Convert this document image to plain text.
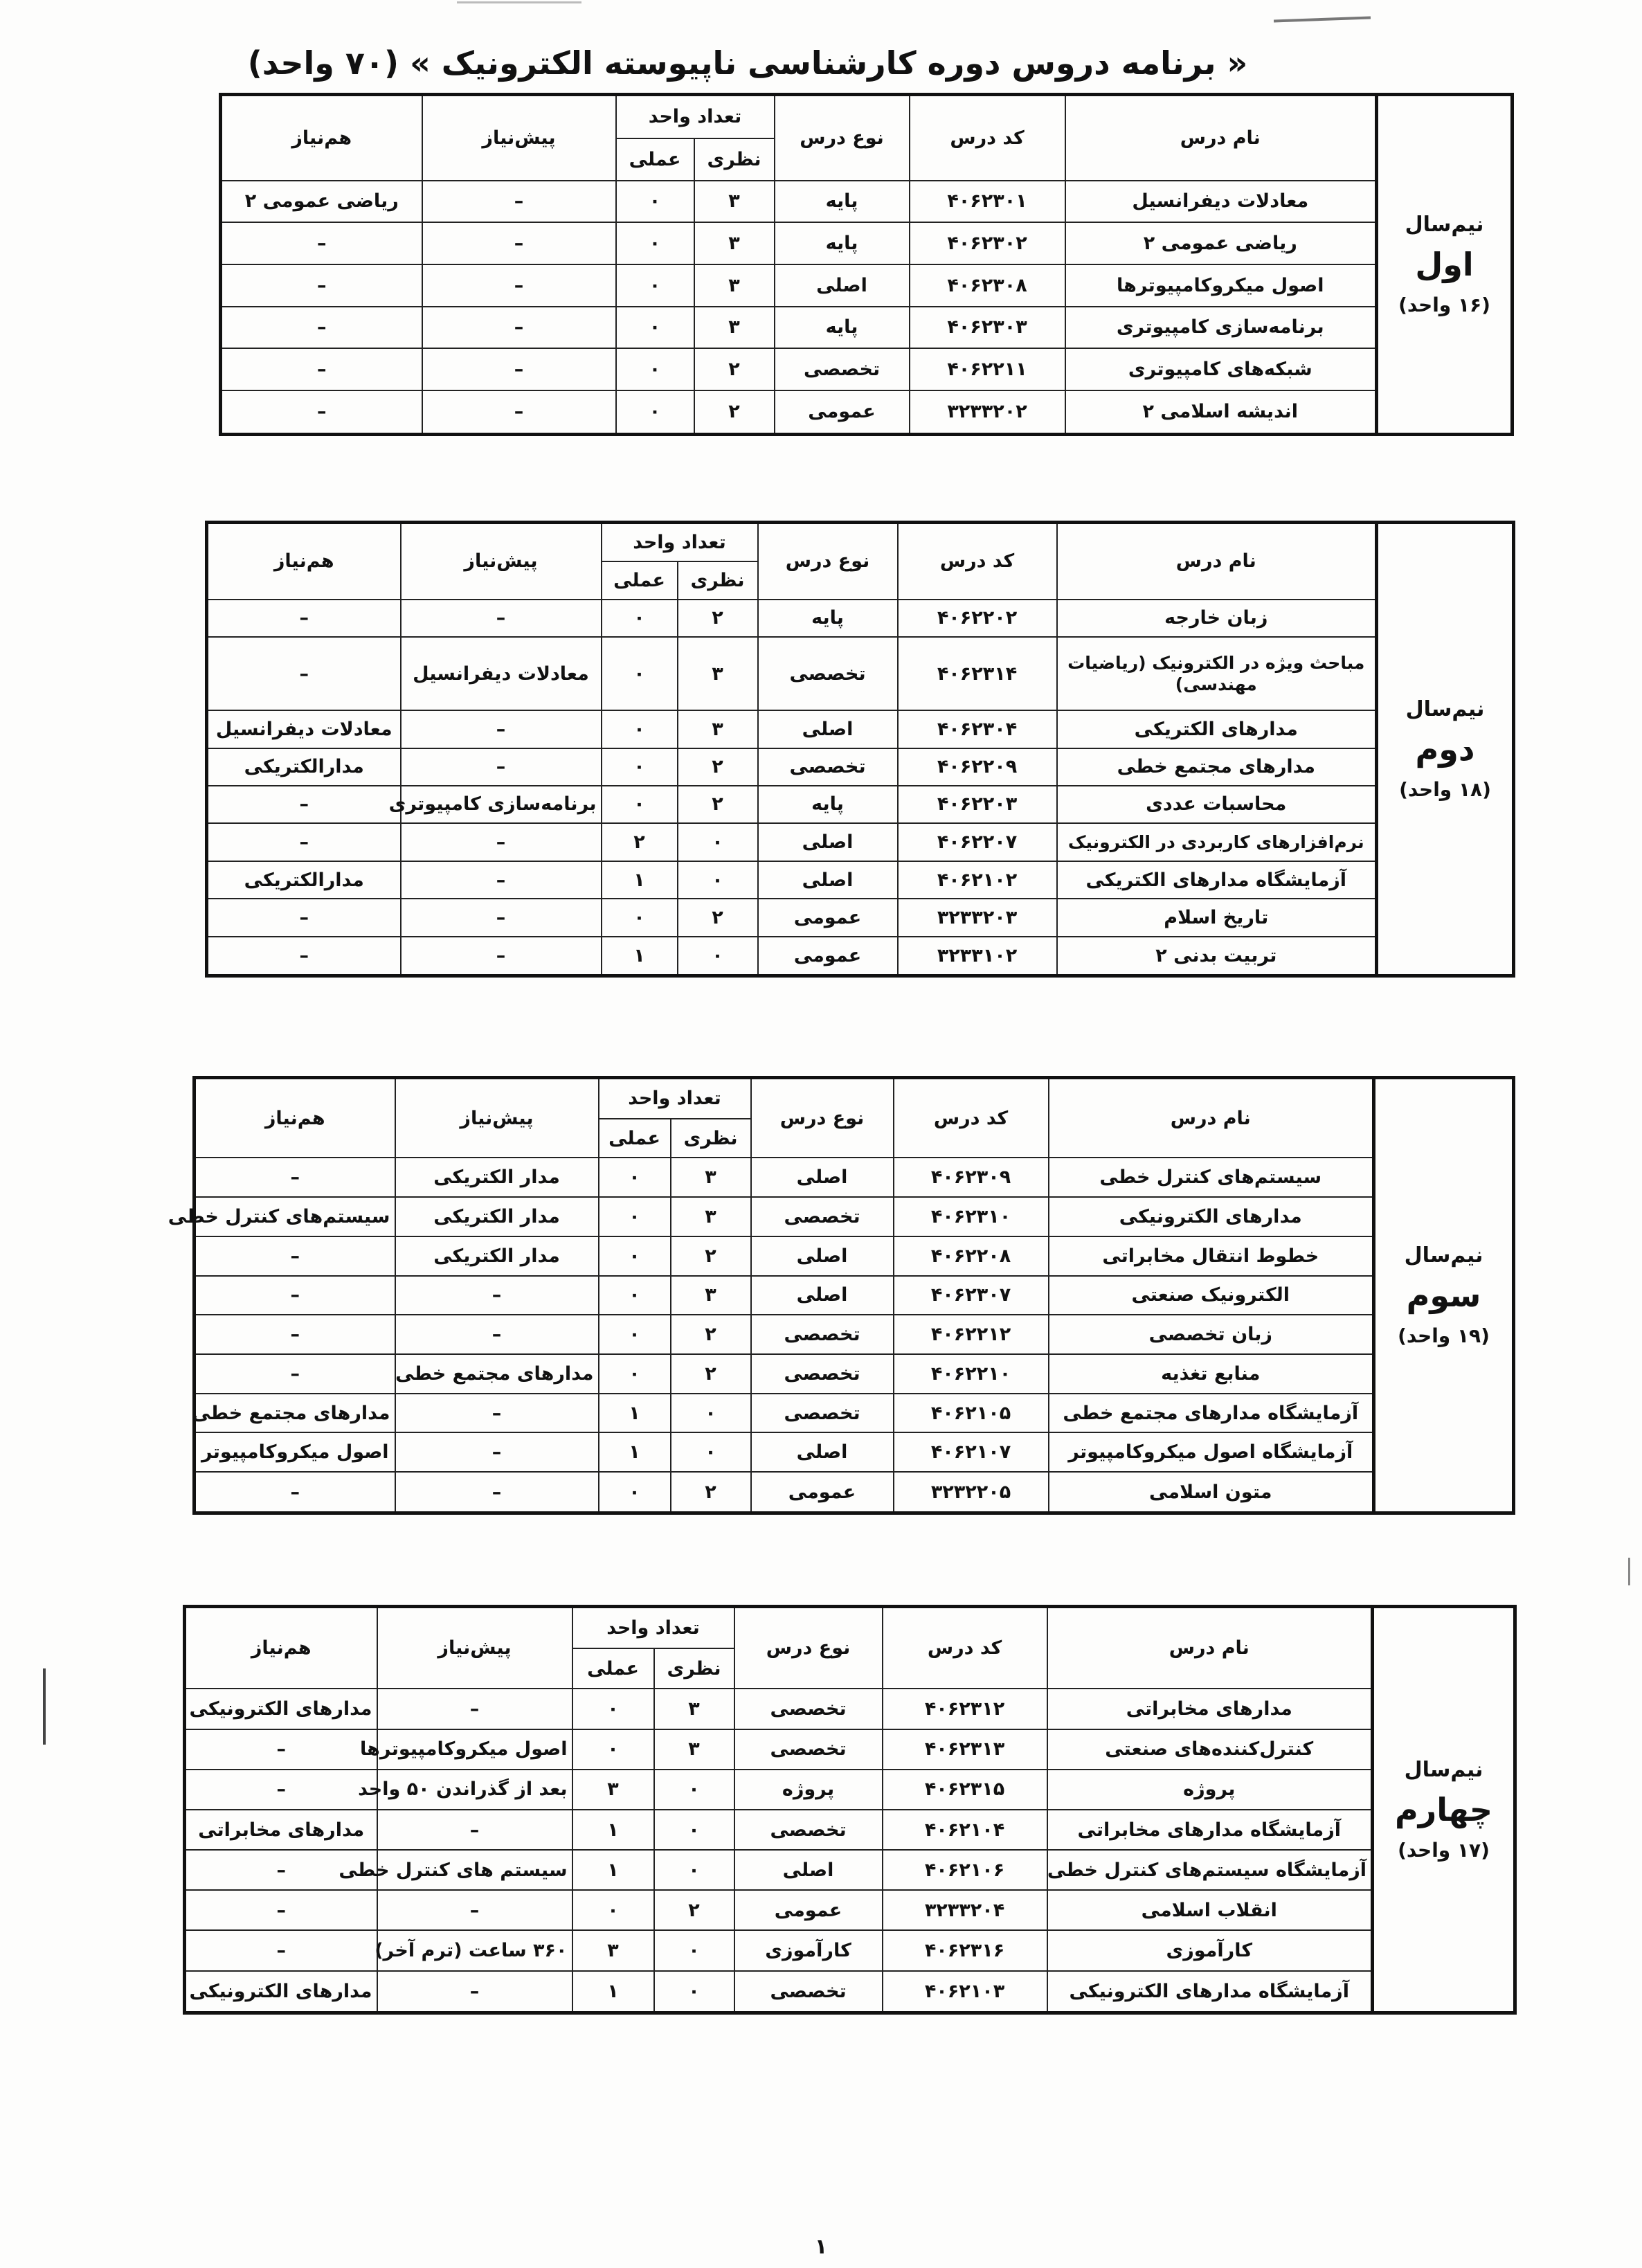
« برنامه دروس دوره کارشناسی ناپیوسته الکترونیک » (۷۰ واحد)
نیم‌سال
اول
(۱۶ واحد)	نام درس	کد درس	نوع درس	تعداد واحد		پیش‌نیاز	هم‌نیاز
				نظری	عملی		
	معادلات دیفرانسیل	۴۰۶۲۳۰۱	پایه	۳	۰	–	ریاضی عمومی ۲
	ریاضی عمومی ۲	۴۰۶۲۳۰۲	پایه	۳	۰	–	–
	اصول میکروکامپیوترها	۴۰۶۲۳۰۸	اصلی	۳	۰	–	–
	برنامه‌سازی کامپیوتری	۴۰۶۲۳۰۳	پایه	۳	۰	–	–
	شبکه‌های کامپیوتری	۴۰۶۲۲۱۱	تخصصی	۲	۰	–	–
	اندیشه اسلامی ۲	۳۲۳۳۲۰۲	عمومی	۲	۰	–	–
نیم‌سال
دوم
(۱۸ واحد)	نام درس	کد درس	نوع درس	تعداد واحد		پیش‌نیاز	هم‌نیاز
				نظری	عملی		
	زبان خارجه	۴۰۶۲۲۰۲	پایه	۲	۰	–	–
	مباحث ویژه در الکترونیک (ریاضیات مهندسی)	۴۰۶۲۳۱۴	تخصصی	۳	۰	معادلات دیفرانسیل	–
	مدارهای الکتریکی	۴۰۶۲۳۰۴	اصلی	۳	۰	–	معادلات دیفرانسیل
	مدارهای مجتمع خطی	۴۰۶۲۲۰۹	تخصصی	۲	۰	–	مدارالکتریکی
	محاسبات عددی	۴۰۶۲۲۰۳	پایه	۲	۰	برنامه‌سازی کامپیوتری	–
	نرم‌افزارهای کاربردی در الکترونیک	۴۰۶۲۲۰۷	اصلی	۰	۲	–	–
	آزمایشگاه مدارهای الکتریکی	۴۰۶۲۱۰۲	اصلی	۰	۱	–	مدارالکتریکی
	تاریخ اسلام	۳۲۳۳۲۰۳	عمومی	۲	۰	–	–
	تربیت بدنی ۲	۳۲۳۳۱۰۲	عمومی	۰	۱	–	–
نیم‌سال
سوم
(۱۹ واحد)	نام درس	کد درس	نوع درس	تعداد واحد		پیش‌نیاز	هم‌نیاز
				نظری	عملی		
	سیستم‌های کنترل خطی	۴۰۶۲۳۰۹	اصلی	۳	۰	مدار الکتریکی	–
	مدارهای الکترونیکی	۴۰۶۲۳۱۰	تخصصی	۳	۰	مدار الکتریکی	سیستم‌های کنترل خطی
	خطوط انتقال مخابراتی	۴۰۶۲۲۰۸	اصلی	۲	۰	مدار الکتریکی	–
	الکترونیک صنعتی	۴۰۶۲۳۰۷	اصلی	۳	۰	–	–
	زبان تخصصی	۴۰۶۲۲۱۲	تخصصی	۲	۰	–	–
	منابع تغذیه	۴۰۶۲۲۱۰	تخصصی	۲	۰	مدارهای مجتمع خطی	–
	آزمایشگاه مدارهای مجتمع خطی	۴۰۶۲۱۰۵	تخصصی	۰	۱	–	مدارهای مجتمع خطی
	آزمایشگاه اصول میکروکامپیوتر	۴۰۶۲۱۰۷	اصلی	۰	۱	–	اصول میکروکامپیوتر
	متون اسلامی	۳۲۳۲۲۰۵	عمومی	۲	۰	–	–
نیم‌سال
چهارم
(۱۷ واحد)	نام درس	کد درس	نوع درس	تعداد واحد		پیش‌نیاز	هم‌نیاز
				نظری	عملی		
	مدارهای مخابراتی	۴۰۶۲۳۱۲	تخصصی	۳	۰	–	مدارهای الکترونیکی
	کنترل‌کننده‌های صنعتی	۴۰۶۲۳۱۳	تخصصی	۳	۰	اصول میکروکامپیوترها	–
	پروژه	۴۰۶۲۳۱۵	پروژه	۰	۳	بعد از گذراندن ۵۰ واحد	–
	آزمایشگاه مدارهای مخابراتی	۴۰۶۲۱۰۴	تخصصی	۰	۱	–	مدارهای مخابراتی
	آزمایشگاه سیستم‌های کنترل خطی	۴۰۶۲۱۰۶	اصلی	۰	۱	سیستم های کنترل خطی	–
	انقلاب اسلامی	۳۲۳۳۲۰۴	عمومی	۲	۰	–	–
	کارآموزی	۴۰۶۲۳۱۶	کارآموزی	۰	۳	۳۶۰ ساعت (ترم آخر)	–
	آزمایشگاه مدارهای الکترونیکی	۴۰۶۲۱۰۳	تخصصی	۰	۱	–	مدارهای الکترونیکی
۱
